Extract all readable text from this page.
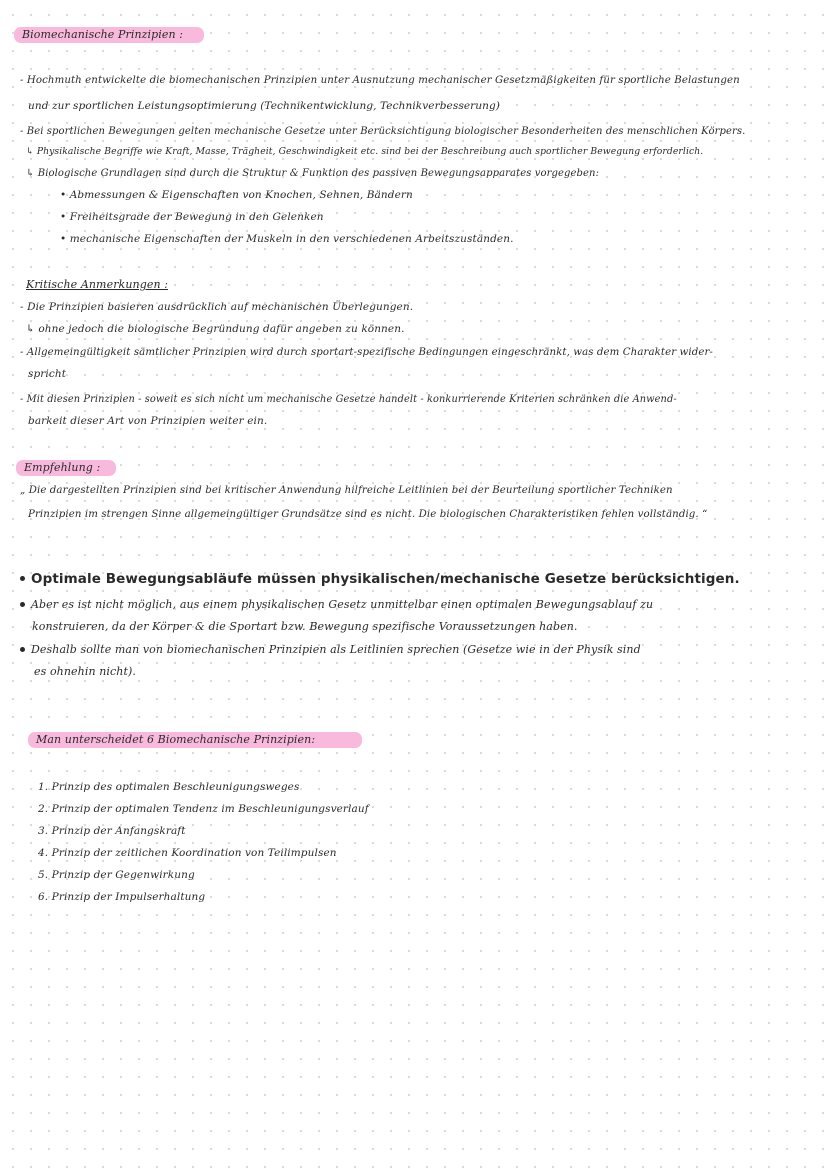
Biomechanische Prinzipien :
- Hochmuth entwickelte die biomechanischen Prinzipien unter Ausnutzung mechanischer Gesetzmäßigkeiten für sportliche Belastungen
und zur sportlichen Leistungsoptimierung (Technikentwicklung, Technikverbesserung)
- Bei sportlichen Bewegungen gelten mechanische Gesetze unter Berücksichtigung biologischer Besonderheiten des menschlichen Körpers.
↳ Physikalische Begriffe wie Kraft, Masse, Trägheit, Geschwindigkeit etc. sind bei der Beschreibung auch sportlicher Bewegung erforderlich.
↳ Biologische Grundlagen sind durch die Struktur & Funktion des passiven Bewegungsapparates vorgegeben:
• Abmessungen & Eigenschaften von Knochen, Sehnen, Bändern
• Freiheitsgrade der Bewegung in den Gelenken
• mechanische Eigenschaften der Muskeln in den verschiedenen Arbeitszuständen.
Kritische Anmerkungen :
- Die Prinzipien basieren ausdrücklich auf mechanischen Überlegungen.
↳ ohne jedoch die biologische Begründung dafür angeben zu können.
- Allgemeingültigkeit sämtlicher Prinzipien wird durch sportart-spezifische Bedingungen eingeschränkt, was dem Charakter wider-
spricht
- Mit diesen Prinzipien - soweit es sich nicht um mechanische Gesetze handelt - konkurrierende Kriterien schränken die Anwend-
barkeit dieser Art von Prinzipien weiter ein.
Empfehlung :
„ Die dargestellten Prinzipien sind bei kritischer Anwendung hilfreiche Leitlinien bei der Beurteilung sportlicher Techniken
Prinzipien im strengen Sinne allgemeingültiger Grundsätze sind es nicht. Die biologischen Charakteristiken fehlen vollständig. “
Optimale Bewegungsabläufe müssen physikalischen/mechanische Gesetze berücksichtigen.
Aber es ist nicht möglich, aus einem physikalischen Gesetz unmittelbar einen optimalen Bewegungsablauf zu
konstruieren, da der Körper & die Sportart bzw. Bewegung spezifische Voraussetzungen haben.
Deshalb sollte man von biomechanischen Prinzipien als Leitlinien sprechen (Gesetze wie in der Physik sind
es ohnehin nicht).
Man unterscheidet 6 Biomechanische Prinzipien:
1. Prinzip des optimalen Beschleunigungsweges
2. Prinzip der optimalen Tendenz im Beschleunigungsverlauf
3. Prinzip der Anfangskraft
4. Prinzip der zeitlichen Koordination von Teilimpulsen
5. Prinzip der Gegenwirkung
6. Prinzip der Impulserhaltung
